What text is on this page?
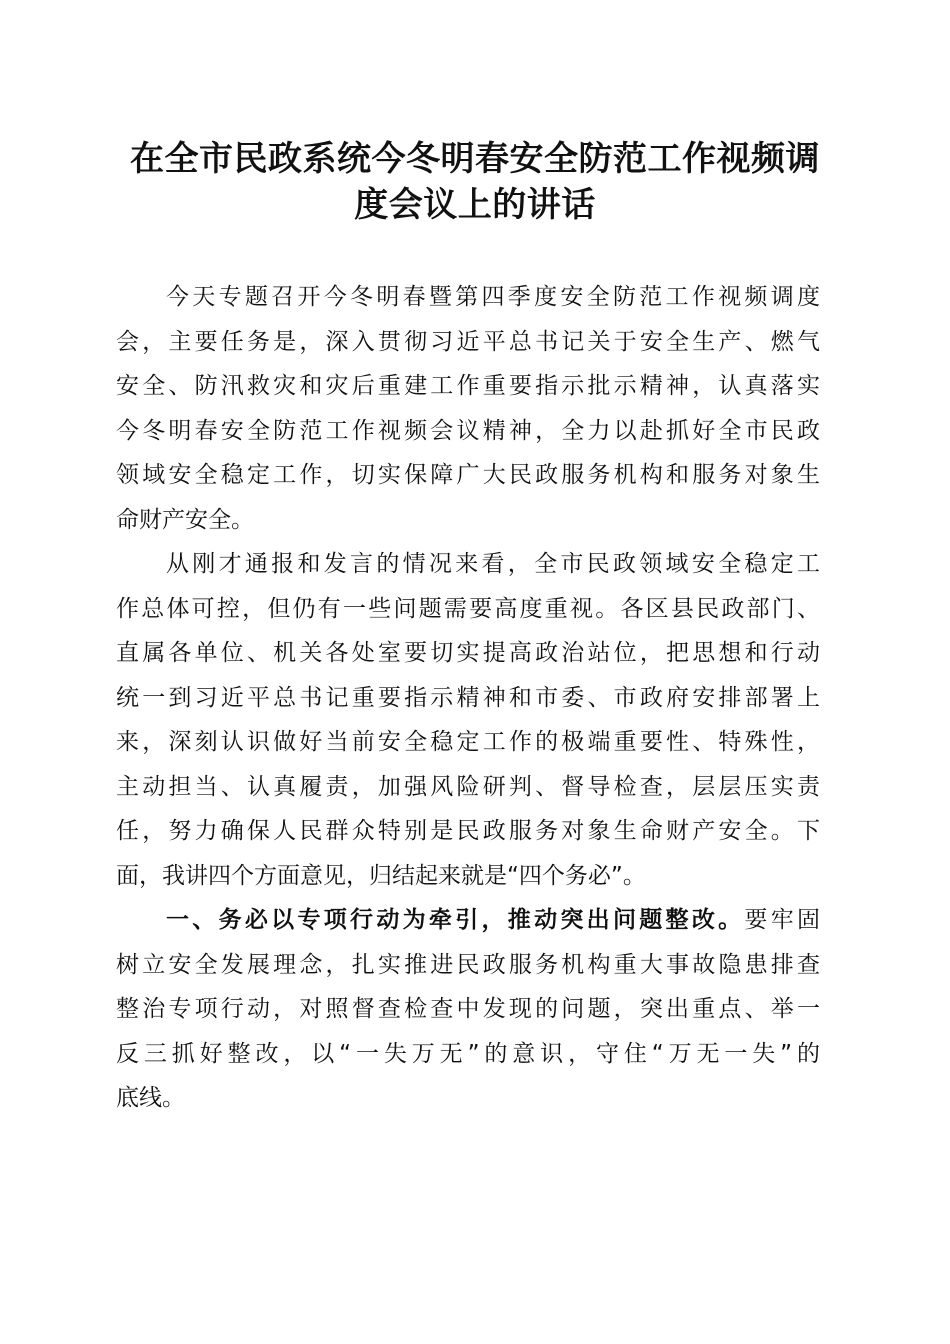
在全市民政系统今冬明春安全防范工作视频调
度会议上的讲话
今天专题召开今冬明春暨第四季度安全防范工作视频调度
会，主要任务是，深入贯彻习近平总书记关于安全生产、燃气
安全、防汛救灾和灾后重建工作重要指示批示精神，认真落实
今冬明春安全防范工作视频会议精神，全力以赴抓好全市民政
领域安全稳定工作，切实保障广大民政服务机构和服务对象生
命财产安全。
从刚才通报和发言的情况来看，全市民政领域安全稳定工
作总体可控，但仍有一些问题需要高度重视。各区县民政部门、
直属各单位、机关各处室要切实提高政治站位，把思想和行动
统一到习近平总书记重要指示精神和市委、市政府安排部署上
来，深刻认识做好当前安全稳定工作的极端重要性、特殊性，
主动担当、认真履责，加强风险研判、督导检查，层层压实责
任，努力确保人民群众特别是民政服务对象生命财产安全。下
面，我讲四个方面意见，归结起来就是“四个务必”。
一、务必以专项行动为牵引，推动突出问题整改。要牢固
树立安全发展理念，扎实推进民政服务机构重大事故隐患排查
整治专项行动，对照督查检查中发现的问题，突出重点、举一
反三抓好整改，以“一失万无”的意识，守住“万无一失”的
底线。
